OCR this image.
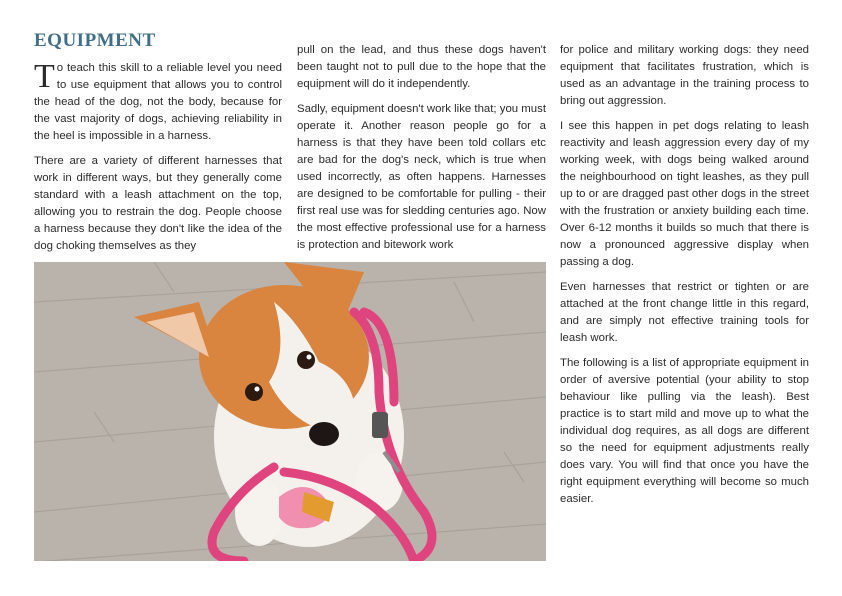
EQUIPMENT

To teach this skill to a reliable level you need to use equipment that allows you to control the head of the dog, not the body, because for the vast majority of dogs, achieving reliability in the heel is impossible in a harness.

There are a variety of different harnesses that work in different ways, but they generally come standard with a leash attachment on the top, allowing you to restrain the dog. People choose a harness because they don't like the idea of the dog choking themselves as they

pull on the lead, and thus these dogs haven't been taught not to pull due to the hope that the equipment will do it independently.

Sadly, equipment doesn't work like that; you must operate it. Another reason people go for a harness is that they have been told collars etc are bad for the dog's neck, which is true when used incorrectly, as often happens. Harnesses are designed to be comfortable for pulling - their first real use was for sledding centuries ago. Now the most effective professional use for a harness is protection and bitework work

for police and military working dogs: they need equipment that facilitates frustration, which is used as an advantage in the training process to bring out aggression.

I see this happen in pet dogs relating to leash reactivity and leash aggression every day of my working week, with dogs being walked around the neighbourhood on tight leashes, as they pull up to or are dragged past other dogs in the street with the frustration or anxiety building each time. Over 6-12 months it builds so much that there is now a pronounced aggressive display when passing a dog.

Even harnesses that restrict or tighten or are attached at the front change little in this regard, and are simply not effective training tools for leash work.

The following is a list of appropriate equipment in order of aversive potential (your ability to stop behaviour like pulling via the leash). Best practice is to start mild and move up to what the individual dog requires, as all dogs are different so the need for equipment adjustments really does vary. You will find that once you have the right equipment everything will become so much easier.
